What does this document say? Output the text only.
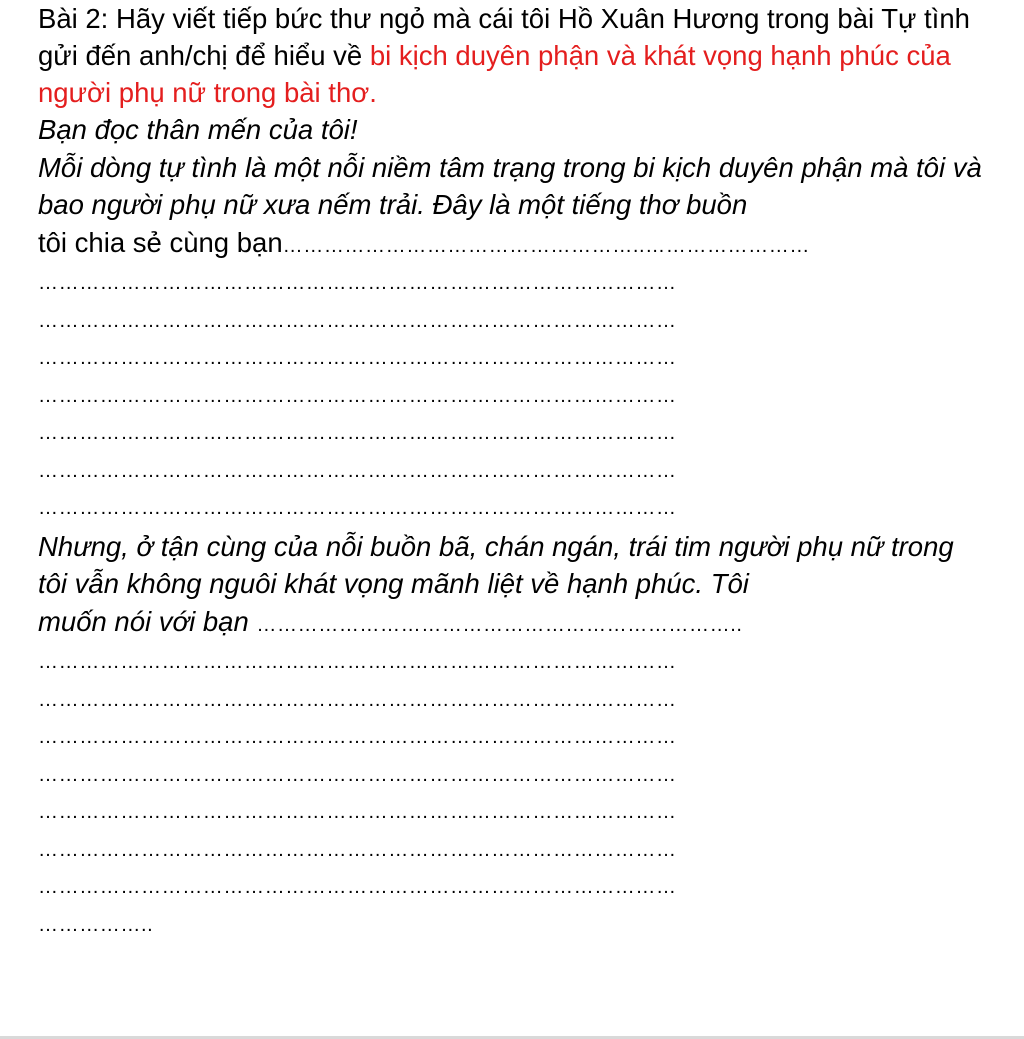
Bài 2: Hãy viết tiếp bức thư ngỏ mà cái tôi Hồ Xuân Hương trong bài Tự tình gửi đến anh/chị để hiểu về bi kịch duyên phận và khát vọng hạnh phúc của người phụ nữ trong bài thơ.

Bạn đọc thân mến của tôi!
Mỗi dòng tự tình là một nỗi niềm tâm trạng trong bi kịch duyên phận mà tôi và bao người phụ nữ xưa nếm trải. Đây là một tiếng thơ buồn
tôi chia sẻ cùng bạn……………………………………………..……………………
…………………………………………………………………………………
…………………………………………………………………………………
…………………………………………………………………………………
…………………………………………………………………………………
…………………………………………………………………………………
…………………………………………………………………………………
…………………………………………………………………………………
Nhưng, ở tận cùng của nỗi buồn bã, chán ngán, trái tim người phụ nữ trong tôi vẫn không nguôi khát vọng mãnh liệt về hạnh phúc. Tôi
muốn nói với bạn ……………………………………………………………..
…………………………………………………………………………………
…………………………………………………………………………………
…………………………………………………………………………………
…………………………………………………………………………………
…………………………………………………………………………………
…………………………………………………………………………………
…………………………………………………………………………………
……………..
